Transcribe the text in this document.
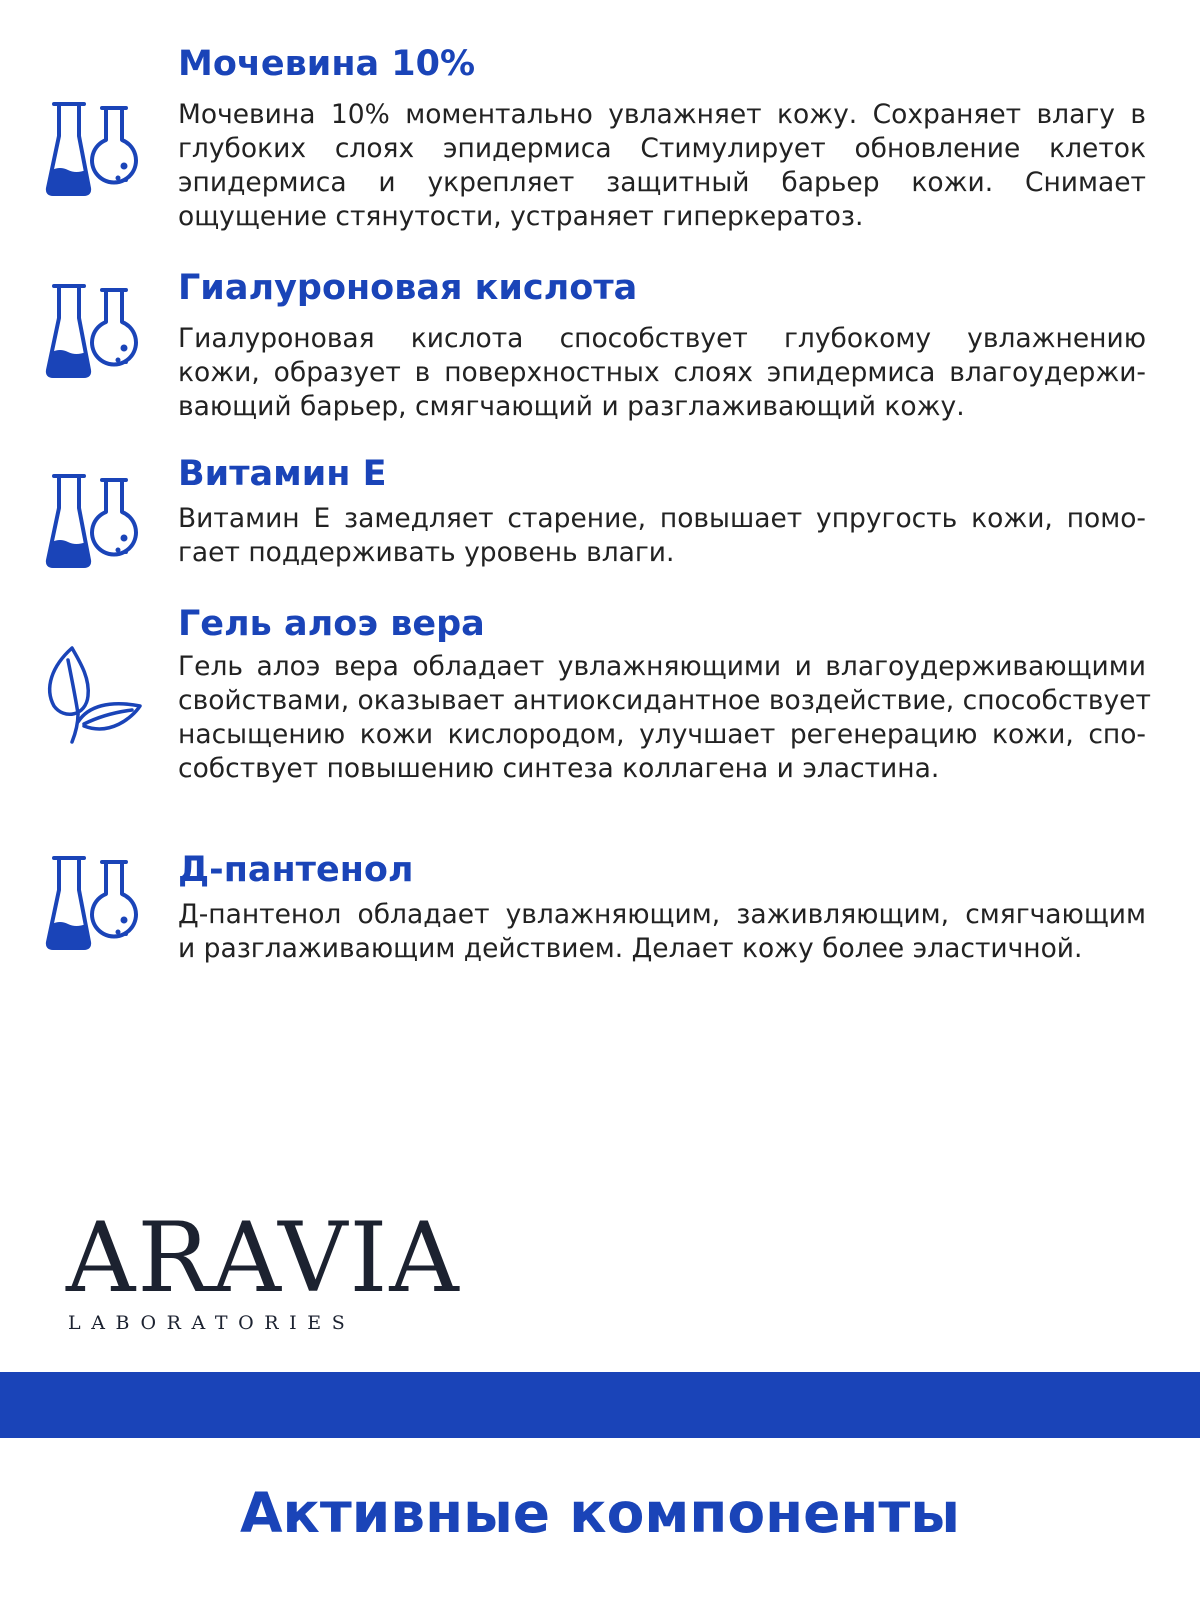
Мочевина 10%

Мочевина 10% моментально увлажняет кожу. Сохраняет влагу в
глубоких слоях эпидермиса Стимулирует обновление клеток
эпидермиса и укрепляет защитный барьер кожи. Снимает
ощущение стянутости, устраняет гиперкератоз.

Гиалуроновая кислота

Гиалуроновая кислота способствует глубокому увлажнению
кожи, образует в поверхностных слоях эпидермиса влагоудержи-
вающий барьер, смягчающий и разглаживающий кожу.

Витамин Е

Витамин Е замедляет старение, повышает упругость кожи, помо-
гает поддерживать уровень влаги.

Гель алоэ вера

Гель алоэ вера обладает увлажняющими и влагоудерживающими
свойствами, оказывает антиоксидантное воздействие, способствует
насыщению кожи кислородом, улучшает регенерацию кожи, спо-
собствует повышению синтеза коллагена и эластина.

Д-пантенол

Д-пантенол обладает увлажняющим, заживляющим, смягчающим
и разглаживающим действием. Делает кожу более эластичной.

ARAVIA
LABORATORIES
Активные компоненты
